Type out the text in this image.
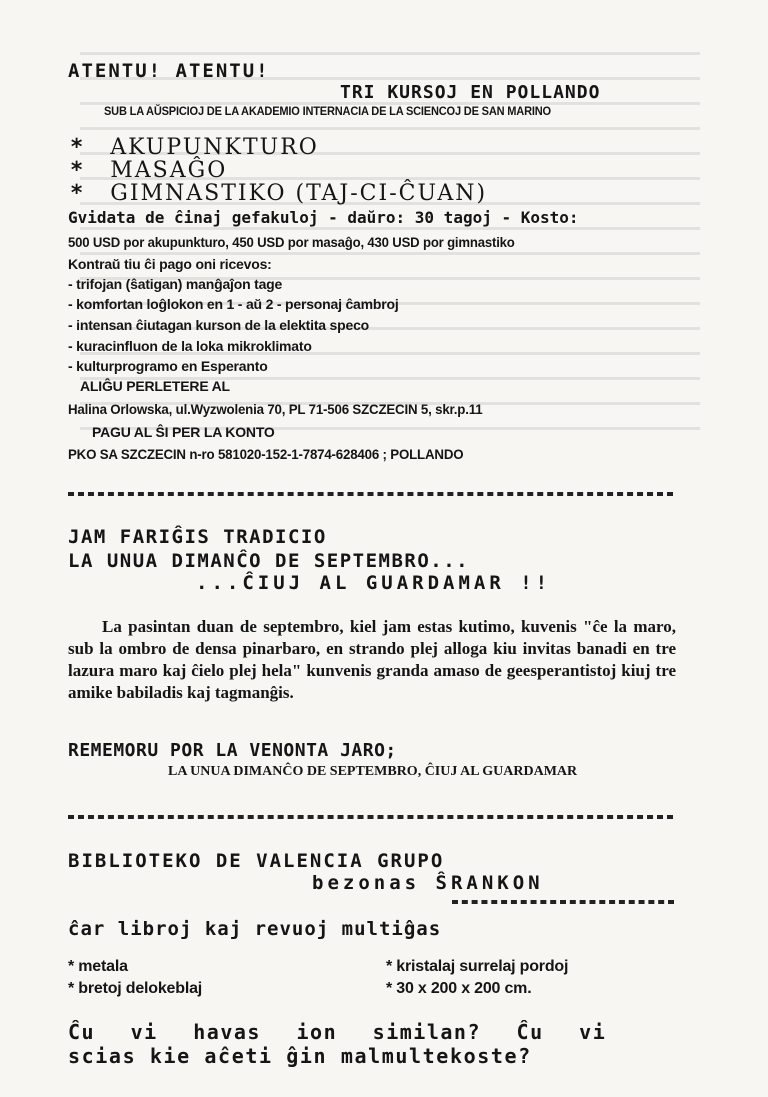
ATENTU! ATENTU!
TRI KURSOJ EN POLLANDO
SUB LA AŬSPICIOJ DE LA AKADEMIO INTERNACIA DE LA SCIENCOJ DE SAN MARINO
* AKUPUNKTURO
* MASAĜO
* GIMNASTIKO (TAJ-CI-ĈUAN)
Gvidata de ĉinaj gefakuloj - daŭro: 30 tagoj - Kosto:
500 USD por akupunkturo, 450 USD por masaĝo, 430 USD por gimnastiko
Kontraŭ tiu ĉi pago oni ricevos:
- trifojan (ŝatigan) manĝaĵon tage
- komfortan loĝlokon en 1 - aŭ 2 - personaj ĉambroj
- intensan ĉiutagan kurson de la elektita speco
- kuracinfluon de la loka mikroklimato
- kulturprogramo en Esperanto
ALIĜU PERLETERE AL
Halina Orlowska, ul.Wyzwolenia 70, PL 71-506 SZCZECIN 5, skr.p.11
PAGU AL ŜI PER LA KONTO
PKO SA SZCZECIN n-ro 581020-152-1-7874-628406 ; POLLANDO
JAM FARIĜIS TRADICIO
LA UNUA DIMANĈO DE SEPTEMBRO...
...ĈIUJ AL GUARDAMAR !!
La pasintan duan de septembro, kiel jam estas kutimo, kuvenis "ĉe la maro, sub la ombro de densa pinarbaro, en strando plej alloga kiu invitas banadi en tre lazura maro kaj ĉielo plej hela" kunvenis granda amaso de geesperantistoj kiuj tre amike babiladis kaj tagmanĝis.
REMEMORU POR LA VENONTA JARO;
LA UNUA DIMANĈO DE SEPTEMBRO, ĈIUJ AL GUARDAMAR
BIBLIOTEKO DE VALENCIA GRUPO
bezonas ŜRANKON
ĉar libroj kaj revuoj multiĝas
* metala	* kristalaj surrelaj pordoj
* bretoj delokeblaj	* 30 x 200 x 200 cm.
Ĉu vi havas ion similan? Ĉu vi
scias kie aĉeti ĝin malmultekoste?
